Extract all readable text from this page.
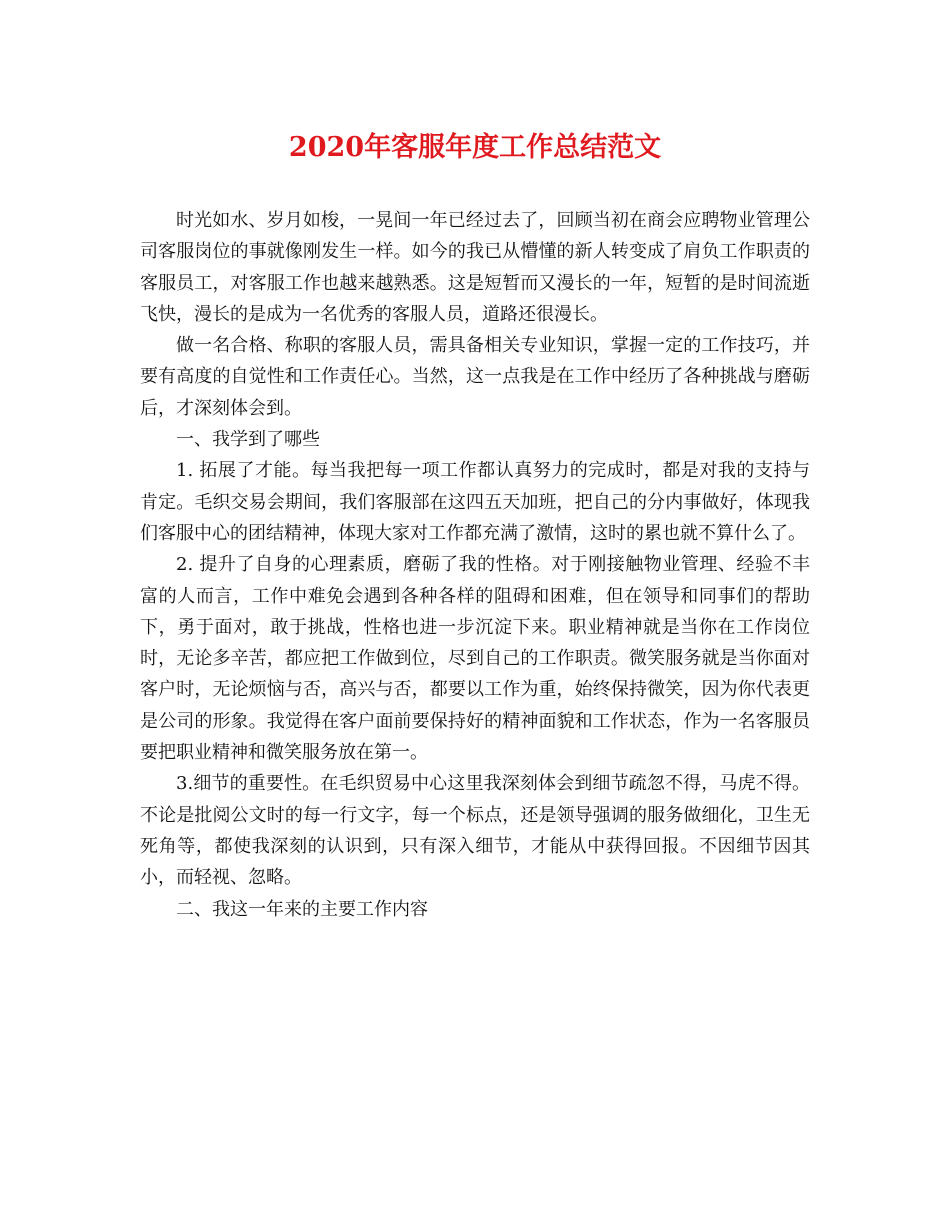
2020年客服年度工作总结范文

时光如水、岁月如梭，一晃间一年已经过去了，回顾当初在商会应聘物业管理公司客服岗位的事就像刚发生一样。如今的我已从懵懂的新人转变成了肩负工作职责的客服员工，对客服工作也越来越熟悉。这是短暂而又漫长的一年，短暂的是时间流逝飞快，漫长的是成为一名优秀的客服人员，道路还很漫长。

做一名合格、称职的客服人员，需具备相关专业知识，掌握一定的工作技巧，并要有高度的自觉性和工作责任心。当然，这一点我是在工作中经历了各种挑战与磨砺后，才深刻体会到。

一、我学到了哪些

1. 拓展了才能。每当我把每一项工作都认真努力的完成时，都是对我的支持与肯定。毛织交易会期间，我们客服部在这四五天加班，把自己的分内事做好，体现我们客服中心的团结精神，体现大家对工作都充满了激情，这时的累也就不算什么了。

2. 提升了自身的心理素质，磨砺了我的性格。对于刚接触物业管理、经验不丰富的人而言，工作中难免会遇到各种各样的阻碍和困难，但在领导和同事们的帮助下，勇于面对，敢于挑战，性格也进一步沉淀下来。职业精神就是当你在工作岗位时，无论多辛苦，都应把工作做到位，尽到自己的工作职责。微笑服务就是当你面对客户时，无论烦恼与否，高兴与否，都要以工作为重，始终保持微笑，因为你代表更是公司的形象。我觉得在客户面前要保持好的精神面貌和工作状态，作为一名客服员要把职业精神和微笑服务放在第一。

3.细节的重要性。在毛织贸易中心这里我深刻体会到细节疏忽不得，马虎不得。不论是批阅公文时的每一行文字，每一个标点，还是领导强调的服务做细化，卫生无死角等，都使我深刻的认识到，只有深入细节，才能从中获得回报。不因细节因其小，而轻视、忽略。

二、我这一年来的主要工作内容
